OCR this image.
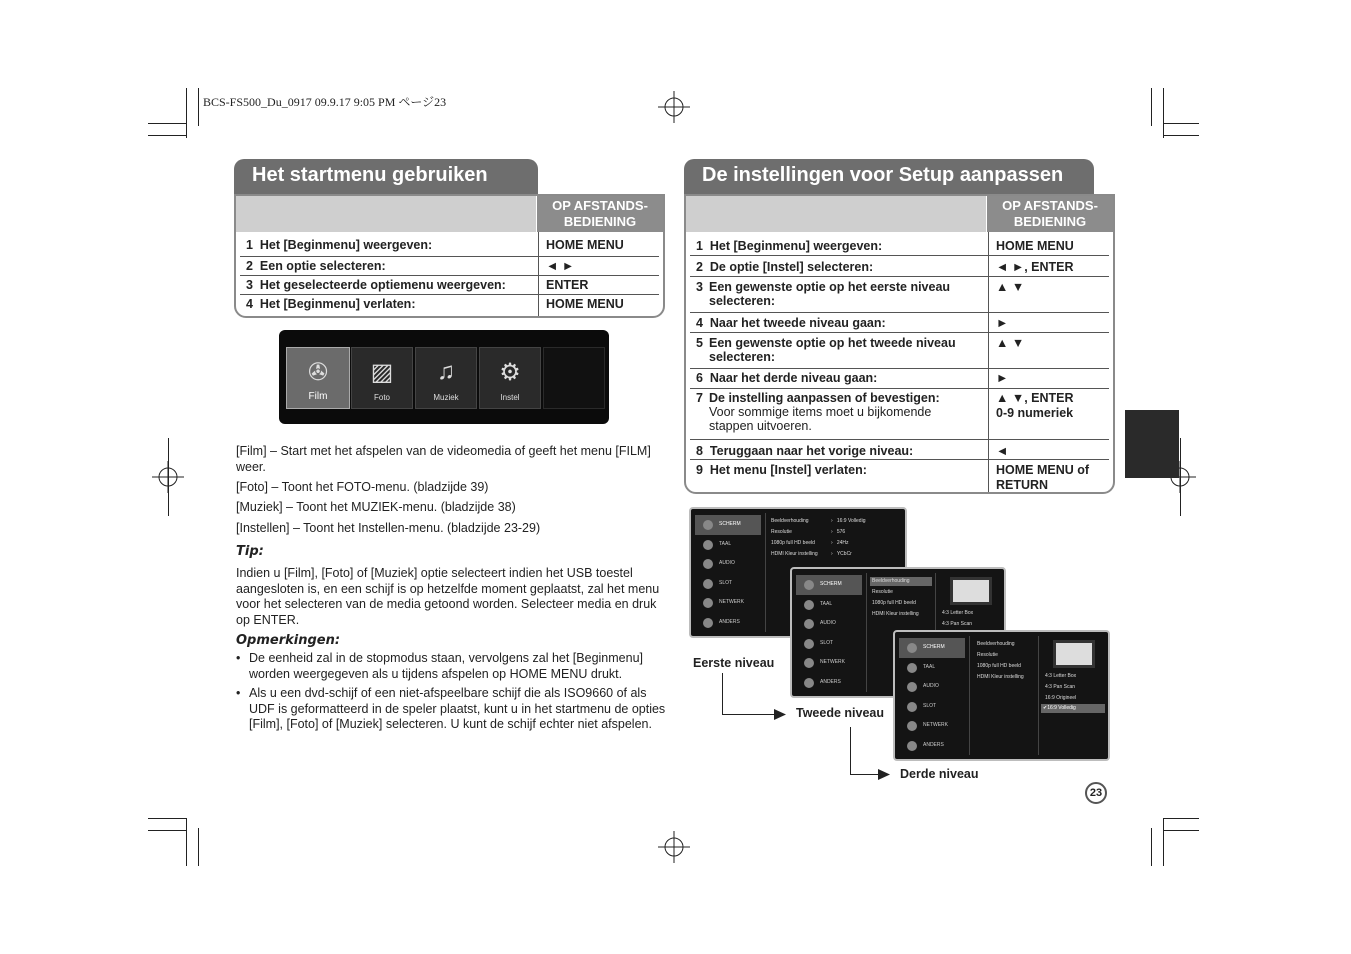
BCS-FS500_Du_0917 09.9.17 9:05 PM ページ23
Het startmenu gebruiken
OP AFSTANDS-
BEDIENING
1 Het [Beginmenu] weergeven:	HOME MENU
2 Een optie selecteren:	◄ ►
3 Het geselecteerde optiemenu weergeven:	ENTER
4 Het [Beginmenu] verlaten:	HOME MENU
✇
Film
▨
Foto
♫
Muziek
⚙
Instel
[Film] – Start met het afspelen van de videomedia of geeft het menu [FILM] weer.
[Foto] – Toont het FOTO-menu. (bladzijde 39)
[Muziek] – Toont het MUZIEK-menu. (bladzijde 38)
[Instellen] – Toont het Instellen-menu. (bladzijde 23-29)
Tip:
Indien u [Film], [Foto] of [Muziek] optie selecteert indien het USB toestel aangesloten is, en een schijf is op hetzelfde moment geplaatst, zal het menu voor het selecteren van de media getoond worden. Selecteer media en druk op ENTER.
Opmerkingen:
• De eenheid zal in de stopmodus staan, vervolgens zal het [Beginmenu] worden weergegeven als u tijdens afspelen op HOME MENU drukt.
• Als u een dvd-schijf of een niet-afspeelbare schijf die als ISO9660 of als UDF is geformatteerd in de speler plaatst, kunt u in het startmenu de opties [Film], [Foto] of [Muziek] selecteren. U kunt de schijf echter niet afspelen.
De instellingen voor Setup aanpassen
OP AFSTANDS-
BEDIENING
1 Het [Beginmenu] weergeven:	HOME MENU
2 De optie [Instel] selecteren:	◄ ►, ENTER
3 Een gewenste optie op het eerste niveau selecteren:
▲ ▼
4 Naar het tweede niveau gaan:	►
5 Een gewenste optie op het tweede niveau selecteren:
▲ ▼
6 Naar het derde niveau gaan:	►
7 De instelling aanpassen of bevestigen:
Voor sommige items moet u bijkomende stappen uitvoeren.
▲ ▼, ENTER
0-9 numeriek
8 Teruggaan naar het vorige niveau:	◄
9 Het menu [Instel] verlaten:	HOME MENU of
RETURN
SCHERM
TAAL
AUDIO
SLOT
NETWERK
ANDERS
Beeldverhouding
Resolutie
1080p full HD beeld
HDMI Kleur instelling
›   16:9 Volledig
›   576
›   24Hz
›   YCbCr
SCHERM
TAAL
AUDIO
SLOT
NETWERK
ANDERS
Beeldverhouding
Resolutie
1080p full HD beeld
HDMI Kleur instelling	4:3 Letter Box
4:3 Pan Scan
SCHERM
TAAL
AUDIO
SLOT
NETWERK
ANDERS
Beeldverhouding
Resolutie
1080p full HD beeld
HDMI Kleur instelling	4:3 Letter Box
4:3 Pan Scan
16:9 Origineel
✔16:9 Volledig
Eerste niveau
Tweede niveau
Derde niveau
23
